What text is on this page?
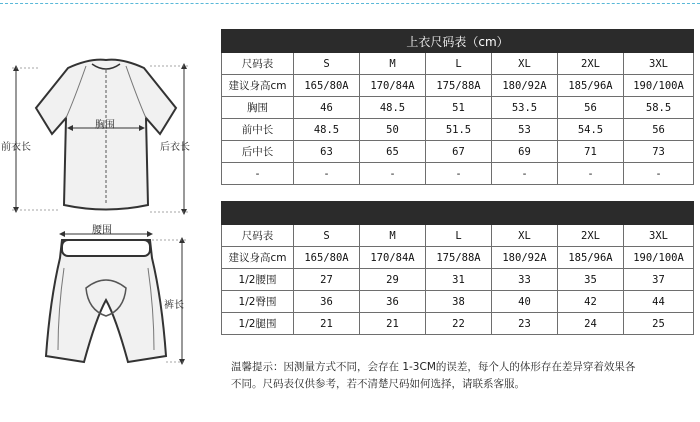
胸围
前衣长	后衣长
腰围
裤长
上衣尺码表（cm）						
尺码表	S	M	L	XL	2XL	3XL
建议身高cm	165/80A	170/84A	175/88A	180/92A	185/96A	190/100A
胸围	46	48.5	51	53.5	56	58.5
前中长	48.5	50	51.5	53	54.5	56
后中长	63	65	67	69	71	73
-	-	-	-	-	-	-

尺码表	S	M	L	XL	2XL	3XL
建议身高cm	165/80A	170/84A	175/88A	180/92A	185/96A	190/100A
1/2腰围	27	29	31	33	35	37
1/2臀围	36	36	38	40	42	44
1/2腿围	21	21	22	23	24	25
温馨提示：因测量方式不同，会存在 1-3CM的误差，每个人的体形存在差异穿着效果各
不同。尺码表仅供参考，若不清楚尺码如何选择，请联系客服。
